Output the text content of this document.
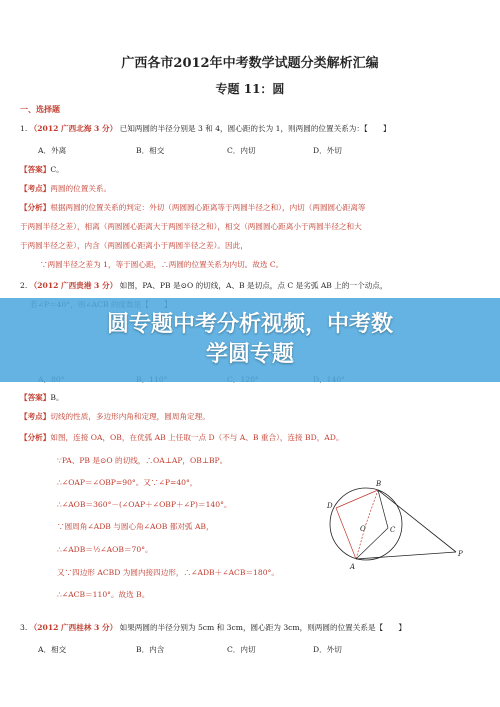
广西各市2012年中考数学试题分类解析汇编
专题 11：圆
一、选择题
1. （2012 广西北海 3 分） 已知两圆的半径分别是 3 和 4，圆心距的长为 1，则两圆的位置关系为：【　　】
A．外离	B．相交	C．内切	D．外切
【答案】C。
【考点】两圆的位置关系。
【分析】根据两圆的位置关系的判定：外切（两圆圆心距离等于两圆半径之和），内切（两圆圆心距离等
于两圆半径之差），相离（两圆圆心距离大于两圆半径之和），相交（两圆圆心距离小于两圆半径之和大
于两圆半径之差），内含（两圆圆心距离小于两圆半径之差）。因此，
∵两圆半径之差为 1，等于圆心距，∴两圆的位置关系为内切。故选 C。
2. （2012 广西贵港 3 分） 如图，PA、PB 是⊙O 的切线，A、B 是切点，点 C 是劣弧 AB 上的一个动点，
【答案】B。
【考点】切线的性质，多边形内角和定理，圆周角定理。
【分析】如图，连接 OA，OB，在优弧 AB 上任取一点 D（不与 A、B 重合），连接 BD，AD。
∵PA、PB 是⊙O 的切线，∴OA⊥AP，OB⊥BP。
∴∠OAP＝∠OBP=90°。又∵∠P=40°，
∴∠AOB＝360°－(∠OAP＋∠OBP＋∠P)＝140°。
∵圆周角∠ADB 与圆心角∠AOB 都对弧 AB，
∴∠ADB＝½∠AOB＝70°。
又∵四边形 ACBD 为圆内接四边形，∴∠ADB＋∠ACB＝180°。
∴∠ACB＝110°。故选 B。
D
B
O	C
A
P
3. （2012 广西桂林 3 分） 如果两圆的半径分别为 5cm 和 3cm，圆心距为 3cm，则两圆的位置关系是【　　】
A．相交	B．内含	C．内切	D．外切
圆专题中考分析视频，中考数
学圆专题
